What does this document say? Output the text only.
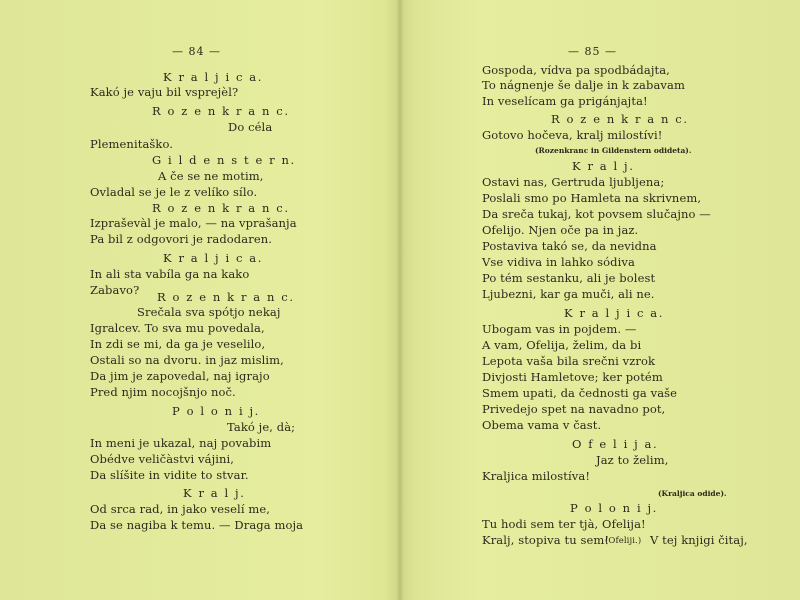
— 84 —
K r a l j i c a.
Kakó je vaju bil vsprejèl?
R o z e n k r a n c.
Do céla
Plemenitaško.
G i l d e n s t e r n.
A če se ne motim,
Ovladal se je le z velíko sílo.
R o z e n k r a n c.
Izpraševàl je malo, — na vprašanja
Pa bil z odgovori je radodaren.
K r a l j i c a.
In ali sta vabíla ga na kako
Zabavo? R o z e n k r a n c.
Srečala sva spótjo nekaj
Igralcev. To sva mu povedala,
In zdi se mi, da ga je veselilo,
Ostali so na dvoru. in jaz mislim,
Da jim je zapovedal, naj igrajo
Pred njim nocojšnjo noč.
P o l o n i j.
Takó je, dà;
In meni je ukazal, naj povabim
Obédve veličàstvi vájini,
Da slíšite in vidite to stvar.
K r a l j.
Od srca rad, in jako veselí me,
Da se nagiba k temu. — Draga moja
— 85 —
Gospoda, vídva pa spodbádajta,
To nágnenje še dalje in k zabavam
In veselícam ga prigánjajta!
R o z e n k r a n c.
Gotovo hočeva, kralj milostívi!
(Rozenkranc in Gildenstern odideta).
K r a l j.
Ostavi nas, Gertruda ljubljena;
Poslali smo po Hamleta na skrivnem,
Da sreča tukaj, kot povsem slučajno —
Ofelijo. Njen oče pa in jaz.
Postaviva takó se, da nevidna
Vse vidiva in lahko sódiva
Po tém sestanku, ali je bolest
Ljubezni, kar ga muči, ali ne.
K r a l j i c a.
Ubogam vas in pojdem. —
A vam, Ofelija, želim, da bi
Lepota vaša bila srečni vzrok
Divjosti Hamletove; ker potém
Smem upati, da čednosti ga vaše
Privedejo spet na navadno pot,
Obema vama v čast.
O f e l i j a.
Jaz to želim,
Kraljica milostíva!
(Kraljica odide).
P o l o n i j.
Tu hodi sem ter tjà, Ofelija!
Kralj, stopiva tu sem!
(Ofeliji.) V tej knjigi čitaj,
